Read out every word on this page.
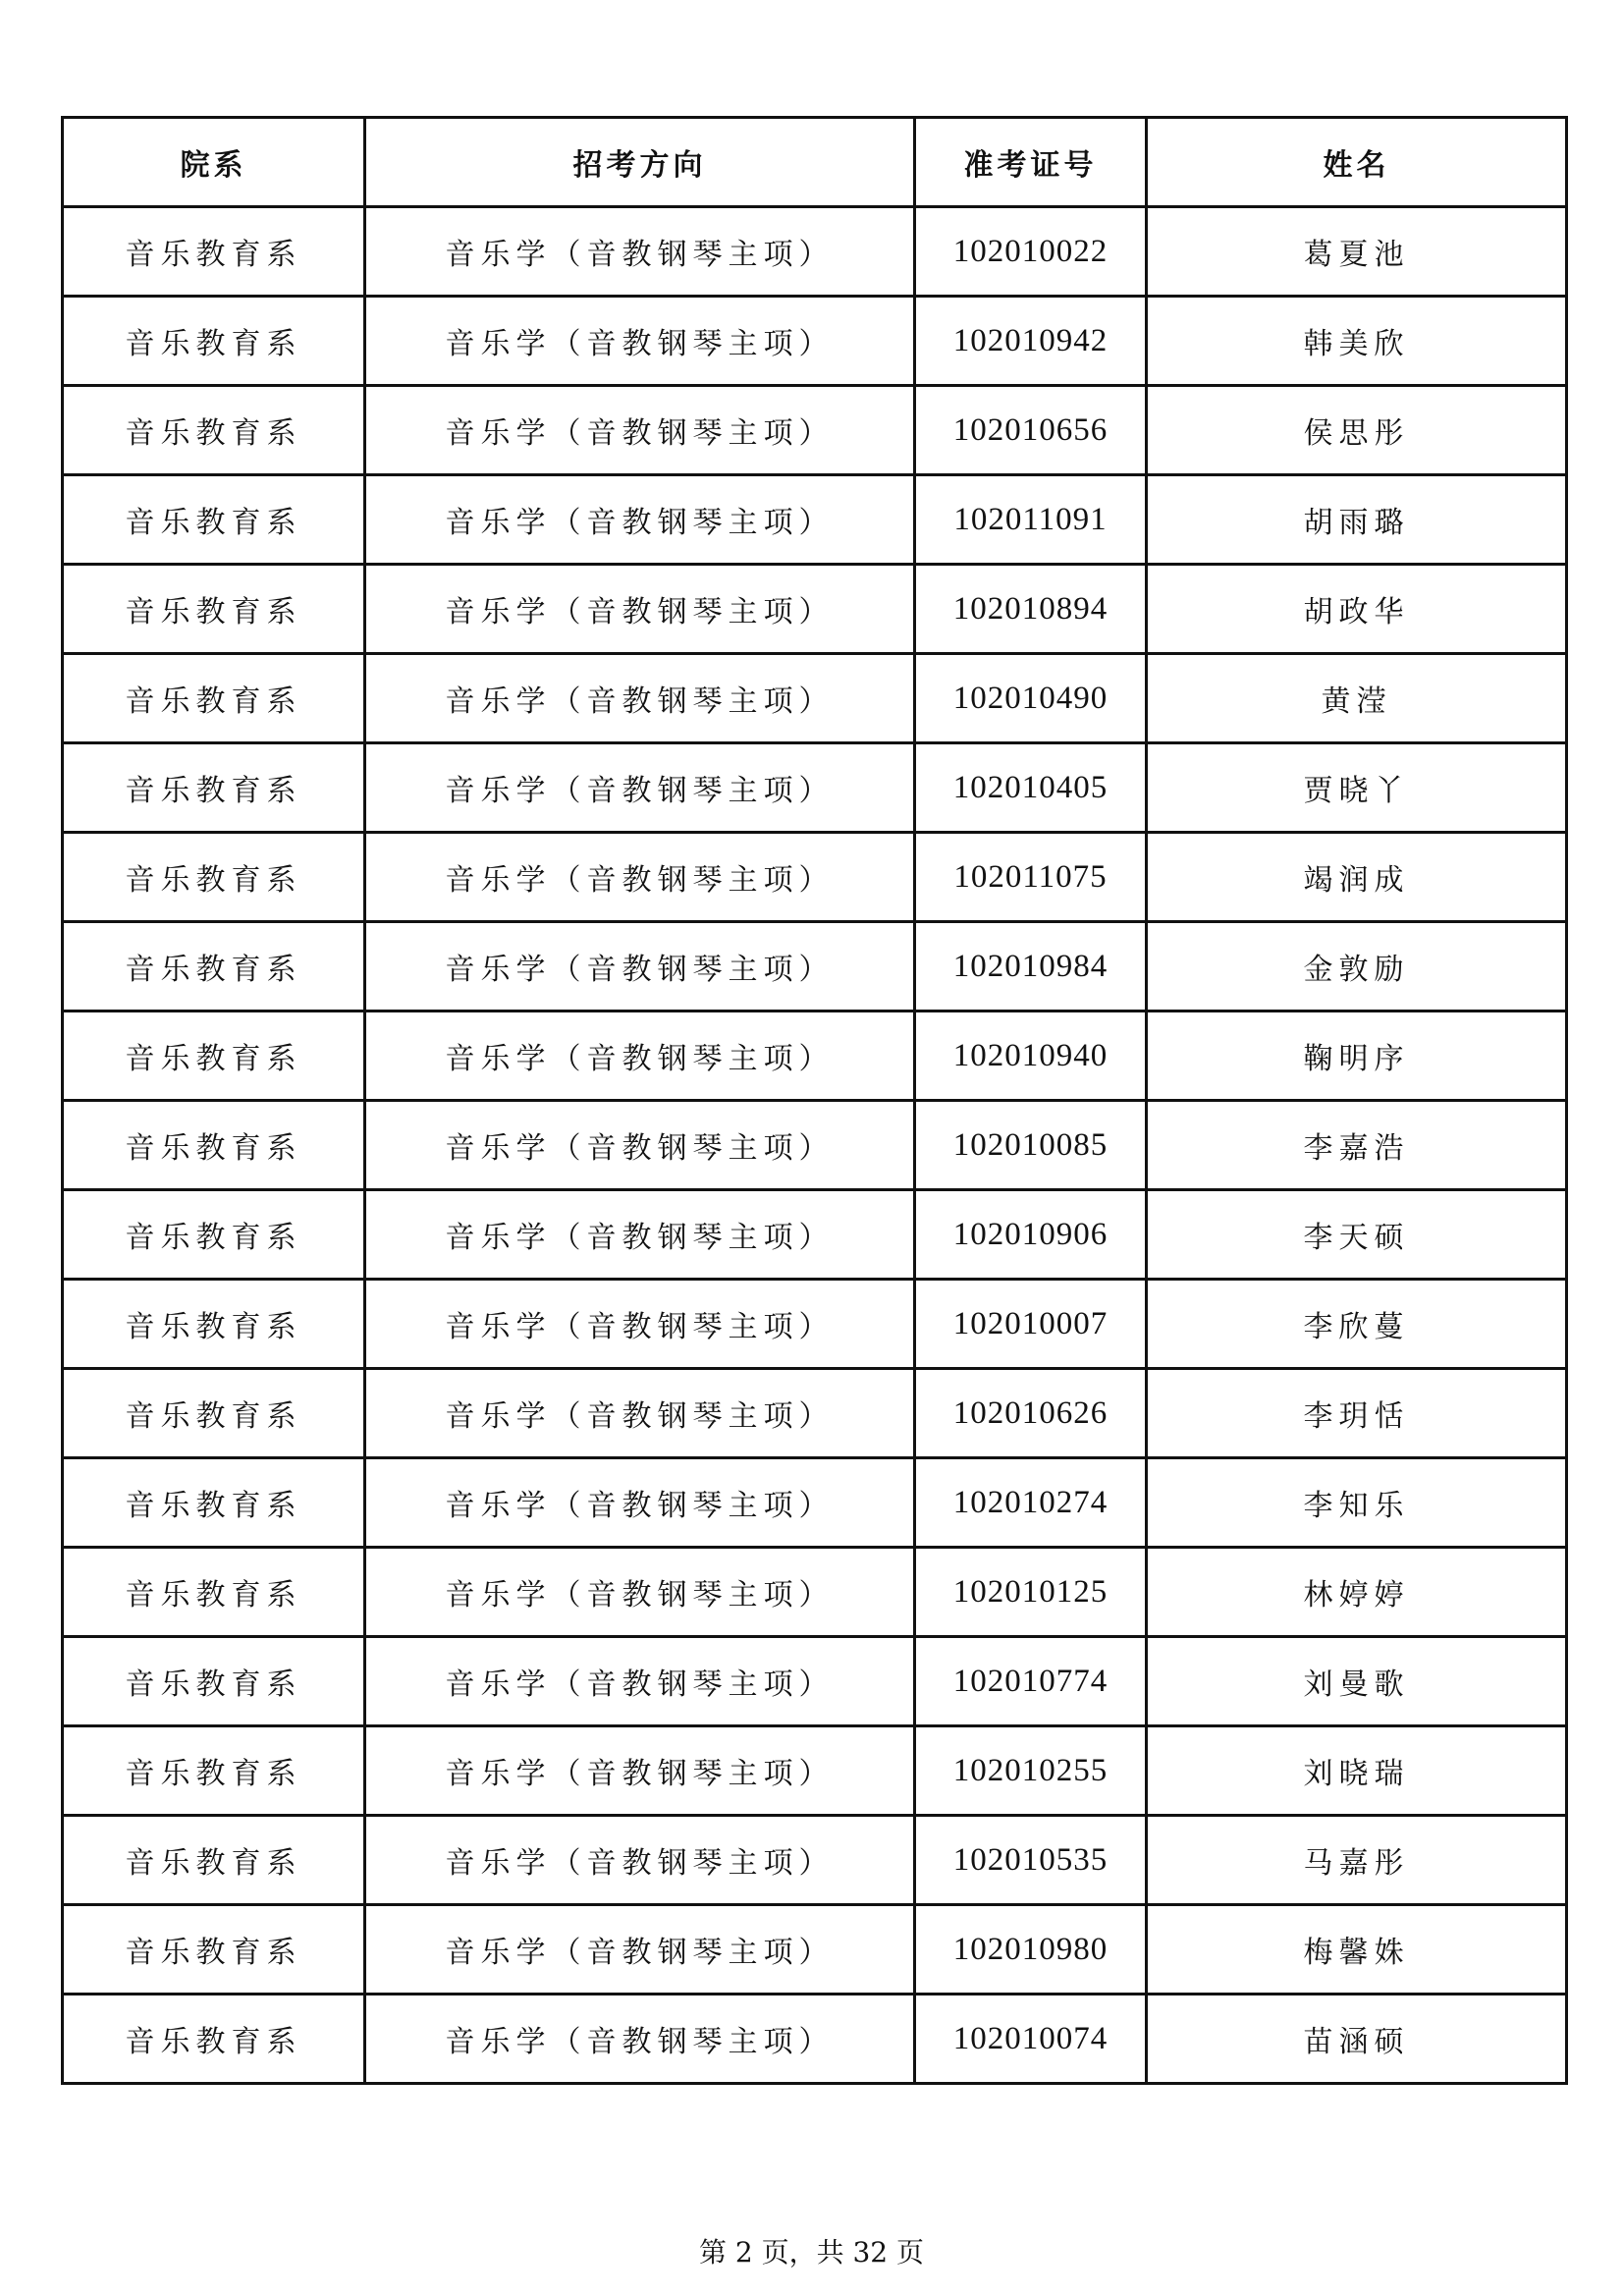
院系	招考方向	准考证号	姓名
音乐教育系	音乐学（音教钢琴主项）	102010022	葛夏池
音乐教育系	音乐学（音教钢琴主项）	102010942	韩美欣
音乐教育系	音乐学（音教钢琴主项）	102010656	侯思彤
音乐教育系	音乐学（音教钢琴主项）	102011091	胡雨璐
音乐教育系	音乐学（音教钢琴主项）	102010894	胡政华
音乐教育系	音乐学（音教钢琴主项）	102010490	黄滢
音乐教育系	音乐学（音教钢琴主项）	102010405	贾晓丫
音乐教育系	音乐学（音教钢琴主项）	102011075	竭润成
音乐教育系	音乐学（音教钢琴主项）	102010984	金敦励
音乐教育系	音乐学（音教钢琴主项）	102010940	鞠明序
音乐教育系	音乐学（音教钢琴主项）	102010085	李嘉浩
音乐教育系	音乐学（音教钢琴主项）	102010906	李天硕
音乐教育系	音乐学（音教钢琴主项）	102010007	李欣蔓
音乐教育系	音乐学（音教钢琴主项）	102010626	李玥恬
音乐教育系	音乐学（音教钢琴主项）	102010274	李知乐
音乐教育系	音乐学（音教钢琴主项）	102010125	林婷婷
音乐教育系	音乐学（音教钢琴主项）	102010774	刘曼歌
音乐教育系	音乐学（音教钢琴主项）	102010255	刘晓瑞
音乐教育系	音乐学（音教钢琴主项）	102010535	马嘉彤
音乐教育系	音乐学（音教钢琴主项）	102010980	梅馨姝
音乐教育系	音乐学（音教钢琴主项）	102010074	苗涵硕
第 2 页，共 32 页
